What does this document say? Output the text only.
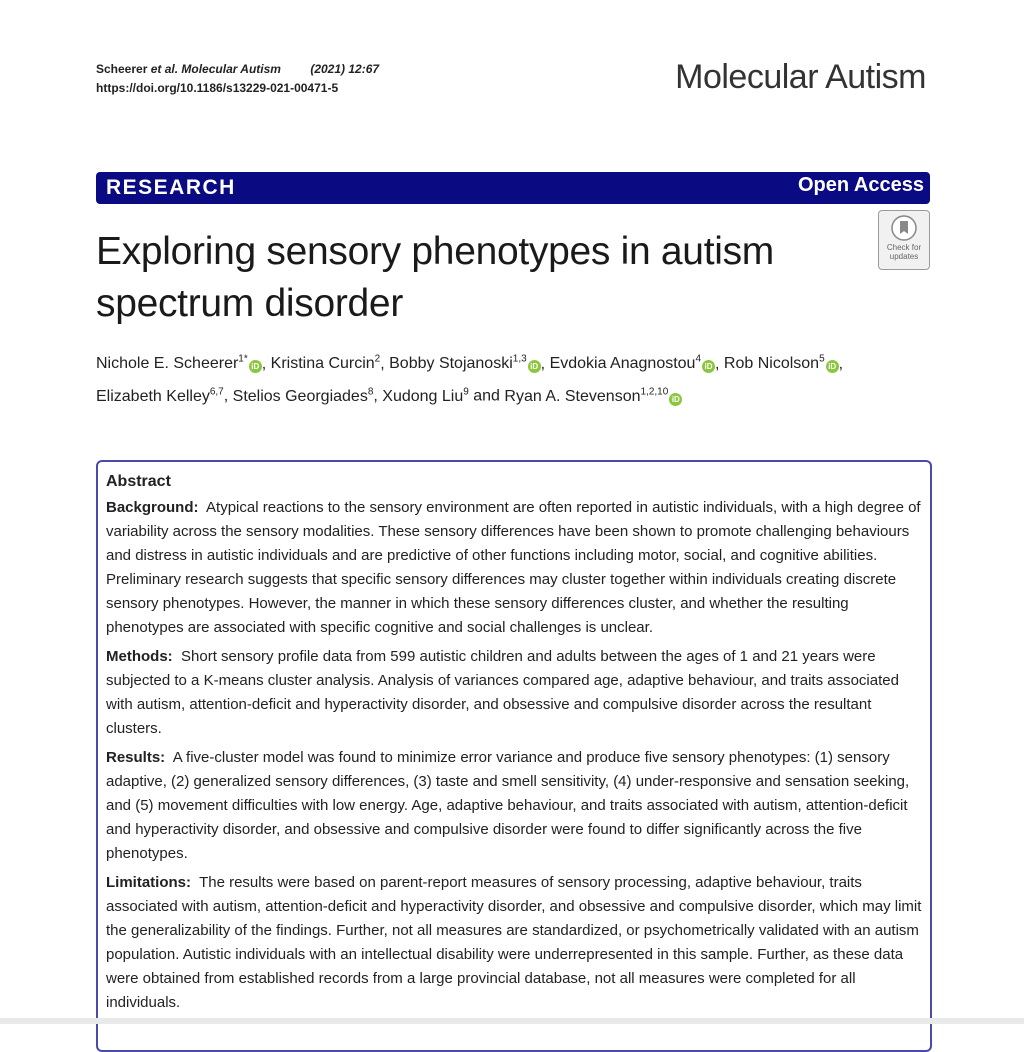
Scheerer et al. Molecular Autism (2021) 12:67
https://doi.org/10.1186/s13229-021-00471-5	Molecular Autism
RESEARCH	Open Access
Check for
updates
Exploring sensory phenotypes in autism spectrum disorder
Nichole E. Scheerer$^{1*}$iD , Kristina Curcin$^2$, Bobby Stojanoski$^{1,3}$iD , Evdokia Anagnostou$^4$iD , Rob Nicolson$^5$iD ,
Elizabeth Kelley$^{6,7}$, Stelios Georgiades$^8$, Xudong Liu$^9$ and Ryan A. Stevenson$^{1,2,10}$iD
Abstract

Background: Atypical reactions to the sensory environment are often reported in autistic individuals, with a high degree of variability across the sensory modalities. These sensory differences have been shown to promote challenging behaviours and distress in autistic individuals and are predictive of other functions including motor, social, and cognitive abilities. Preliminary research suggests that specific sensory differences may cluster together within individuals creating discrete sensory phenotypes. However, the manner in which these sensory differences cluster, and whether the resulting phenotypes are associated with specific cognitive and social challenges is unclear.

Methods: Short sensory profile data from 599 autistic children and adults between the ages of 1 and 21 years were subjected to a K-means cluster analysis. Analysis of variances compared age, adaptive behaviour, and traits associated with autism, attention-deficit and hyperactivity disorder, and obsessive and compulsive disorder across the resultant clusters.

Results: A five-cluster model was found to minimize error variance and produce five sensory phenotypes: (1) sensory adaptive, (2) generalized sensory differences, (3) taste and smell sensitivity, (4) under-responsive and sensation seeking, and (5) movement difficulties with low energy. Age, adaptive behaviour, and traits associated with autism, attention-deficit and hyperactivity disorder, and obsessive and compulsive disorder were found to differ significantly across the five phenotypes.

Limitations: The results were based on parent-report measures of sensory processing, adaptive behaviour, traits associated with autism, attention-deficit and hyperactivity disorder, and obsessive and compulsive disorder, which may limit the generalizability of the findings. Further, not all measures are standardized, or psychometrically validated with an autism population. Autistic individuals with an intellectual disability were underrepresented in this sample. Further, as these data were obtained from established records from a large provincial database, not all measures were completed for all individuals.
